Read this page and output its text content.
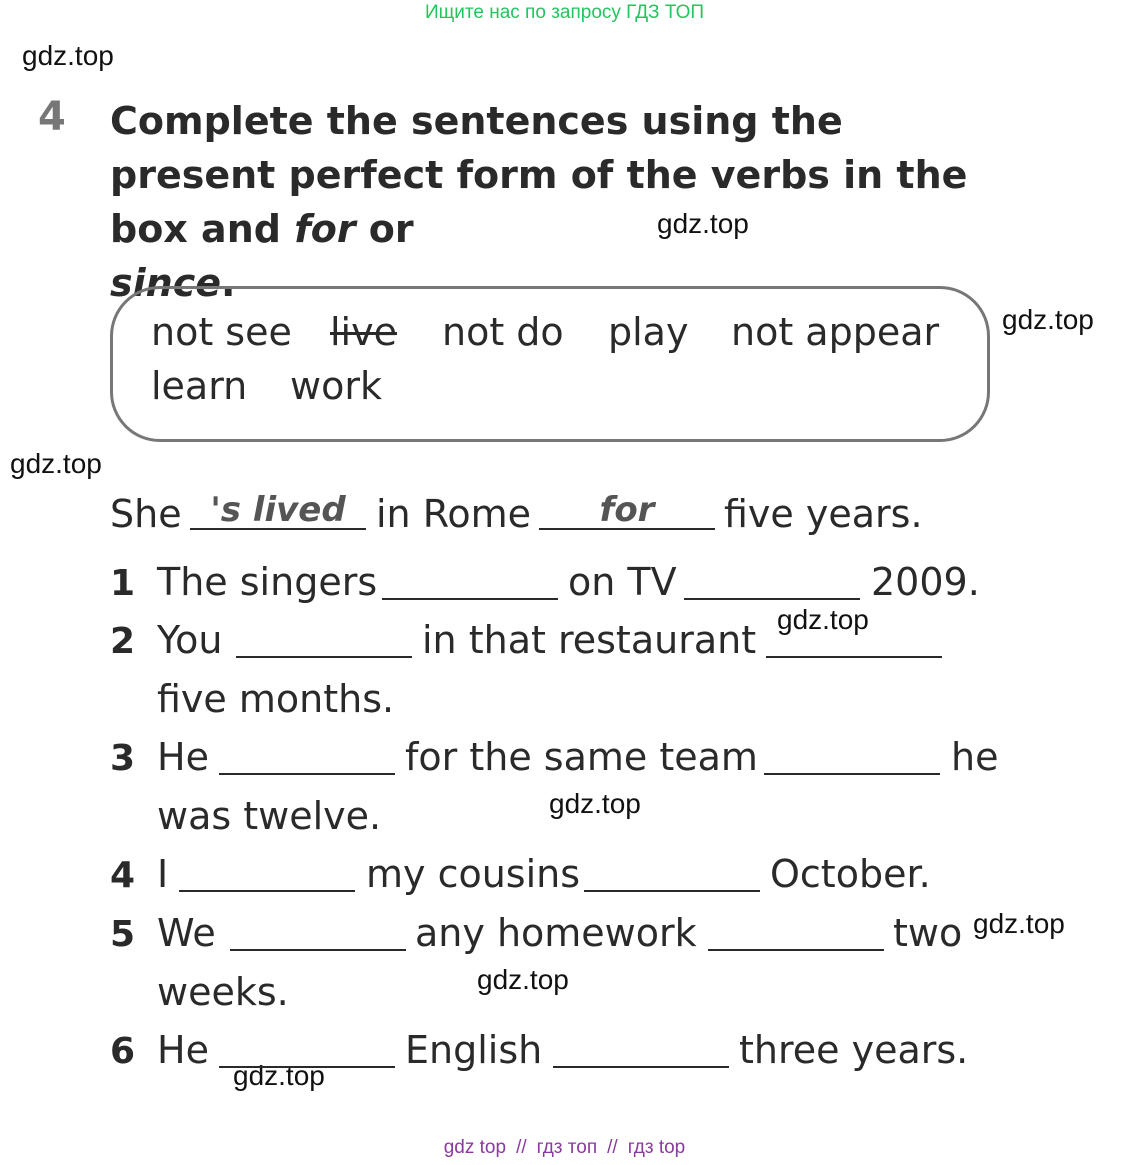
Ищите нас по запросу ГДЗ ТОП
gdz.top
gdz.top
gdz.top
gdz.top
gdz.top
gdz.top
gdz.top
gdz.top
gdz.top
4 Complete the sentences using the present perfect form of the verbs in the box and for or
since.
not see live not do play not appear
learn work
She 's lived in Rome	for	five years.
1 The singers	on TV	2009.
2 You	in that restaurant
five months.
3 He	for the same team	he
was twelve.
4 I	my cousins	October.
5 We	any homework	two
weeks.
6 He	English	three years.
gdz top // гдз топ // гдз top
